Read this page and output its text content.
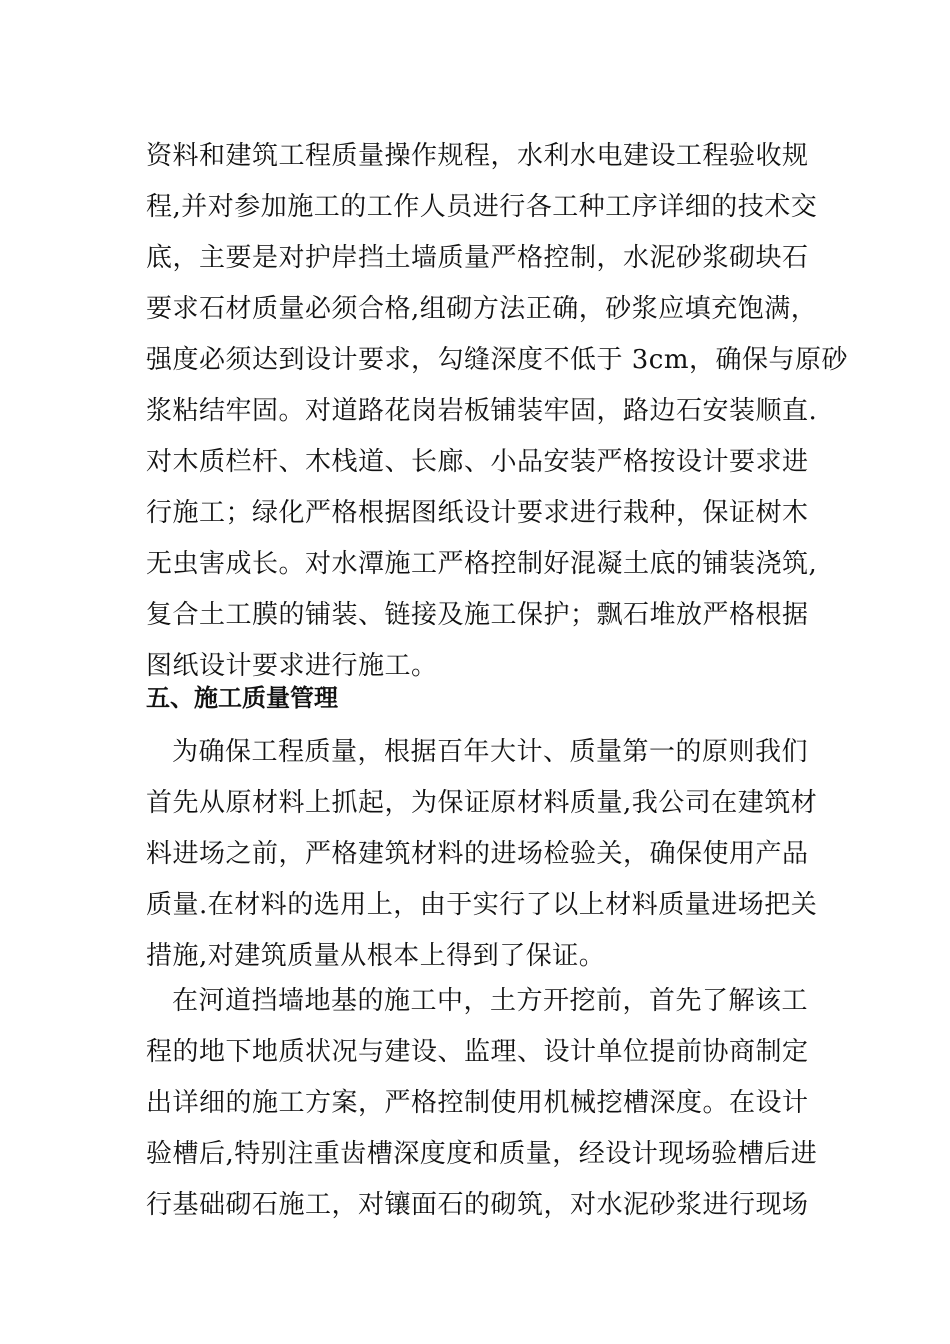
资料和建筑工程质量操作规程，水利水电建设工程验收规
程,并对参加施工的工作人员进行各工种工序详细的技术交
底，主要是对护岸挡土墙质量严格控制，水泥砂浆砌块石
要求石材质量必须合格,组砌方法正确，砂浆应填充饱满，
强度必须达到设计要求，勾缝深度不低于 3cm，确保与原砂
浆粘结牢固。对道路花岗岩板铺装牢固，路边石安装顺直.
对木质栏杆、木栈道、长廊、小品安装严格按设计要求进
行施工；绿化严格根据图纸设计要求进行栽种，保证树木
无虫害成长。对水潭施工严格控制好混凝土底的铺装浇筑,
复合土工膜的铺装、链接及施工保护；飘石堆放严格根据
图纸设计要求进行施工。
五、施工质量管理
为确保工程质量，根据百年大计、质量第一的原则我们
首先从原材料上抓起，为保证原材料质量,我公司在建筑材
料进场之前，严格建筑材料的进场检验关，确保使用产品
质量.在材料的选用上，由于实行了以上材料质量进场把关
措施,对建筑质量从根本上得到了保证。
在河道挡墙地基的施工中，土方开挖前，首先了解该工
程的地下地质状况与建设、监理、设计单位提前协商制定
出详细的施工方案，严格控制使用机械挖槽深度。在设计
验槽后,特别注重齿槽深度度和质量，经设计现场验槽后进
行基础砌石施工，对镶面石的砌筑，对水泥砂浆进行现场
